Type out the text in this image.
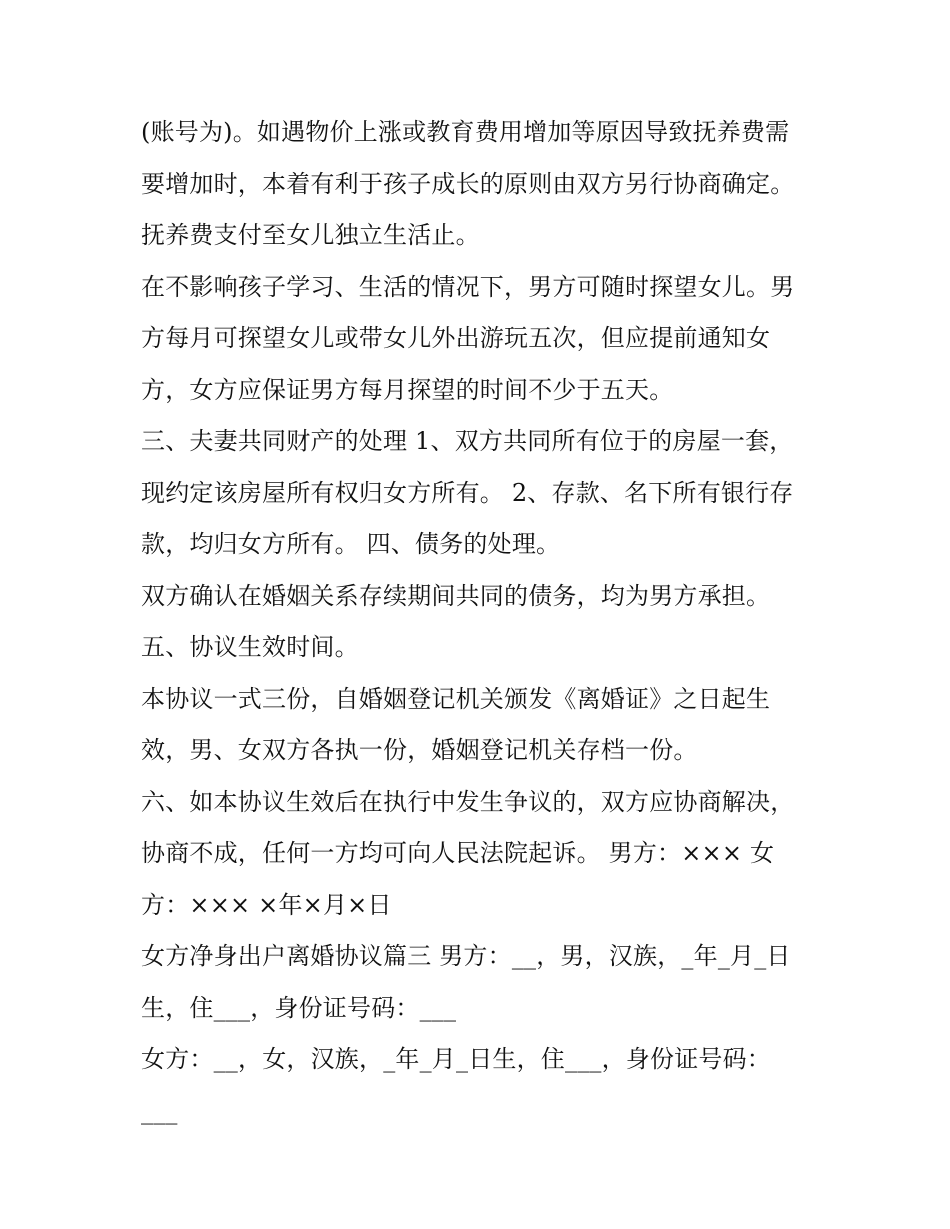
(账号为)。如遇物价上涨或教育费用增加等原因导致抚养费需
要增加时，本着有利于孩子成长的原则由双方另行协商确定。
抚养费支付至女儿独立生活止。
在不影响孩子学习、生活的情况下，男方可随时探望女儿。男
方每月可探望女儿或带女儿外出游玩五次，但应提前通知女
方，女方应保证男方每月探望的时间不少于五天。
三、夫妻共同财产的处理 1、双方共同所有位于的房屋一套，
现约定该房屋所有权归女方所有。 2、存款、名下所有银行存
款，均归女方所有。 四、债务的处理。
双方确认在婚姻关系存续期间共同的债务，均为男方承担。
五、协议生效时间。
本协议一式三份，自婚姻登记机关颁发《离婚证》之日起生
效，男、女双方各执一份，婚姻登记机关存档一份。
六、如本协议生效后在执行中发生争议的，双方应协商解决，
协商不成，任何一方均可向人民法院起诉。 男方：××× 女
方：××× ×年×月×日
女方净身出户离婚协议篇三 男方：__，男，汉族，_年_月_日
生，住___，身份证号码：___
女方：__，女，汉族，_年_月_日生，住___，身份证号码：
___
